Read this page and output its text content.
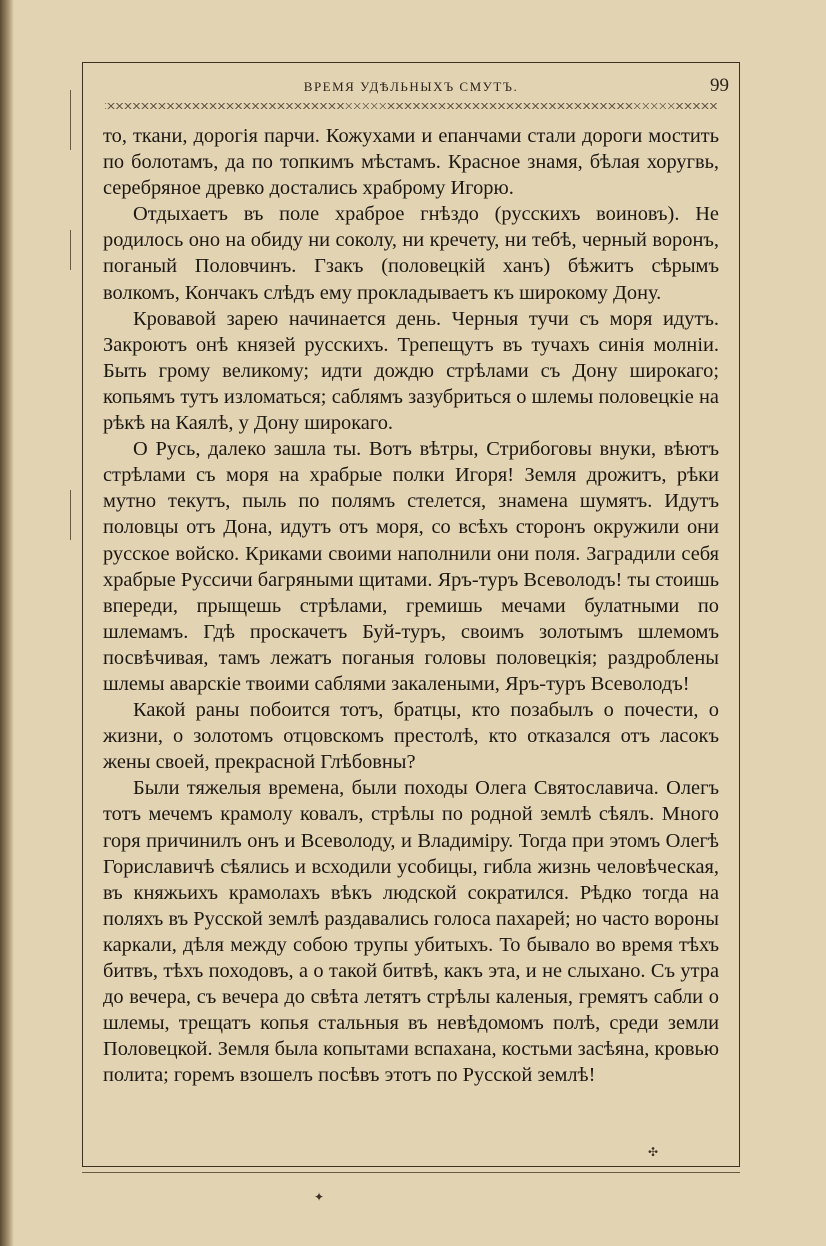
ВРЕМЯ УДѢЛЬНЫХЪ СМУТЪ.	99

то, ткани, дорогія парчи. Кожухами и епанчами стали дороги мостить по болотамъ, да по топкимъ мѣстамъ. Красное знамя, бѣлая хоругвь, серебряное древко достались храброму Игорю.

Отдыхаетъ въ поле храброе гнѣздо (русскихъ воиновъ). Не родилось оно на обиду ни соколу, ни кречету, ни тебѣ, черный воронъ, поганый Половчинъ. Гзакъ (половецкій ханъ) бѣжитъ сѣрымъ волкомъ, Кончакъ слѣдъ ему прокладываетъ къ широкому Дону.

Кровавой зарею начинается день. Черныя тучи съ моря идутъ. Закроютъ онѣ князей русскихъ. Трепещутъ въ тучахъ синія молніи. Быть грому великому; идти дождю стрѣлами съ Дону широкаго; копьямъ тутъ изломаться; саблямъ зазубриться о шлемы половецкіе на рѣкѣ на Каялѣ, у Дону широкаго.

О Русь, далеко зашла ты. Вотъ вѣтры, Стрибоговы внуки, вѣютъ стрѣлами съ моря на храбрые полки Игоря! Земля дрожитъ, рѣки мутно текутъ, пыль по полямъ стелется, знамена шумятъ. Идутъ половцы отъ Дона, идутъ отъ моря, со всѣхъ сторонъ окружили они русское войско. Криками своими наполнили они поля. Заградили себя храбрые Руссичи багряными щитами. Яръ-туръ Всеволодъ! ты стоишь впереди, прыщешь стрѣлами, гремишь мечами булатными по шлемамъ. Гдѣ проскачетъ Буй-туръ, своимъ золотымъ шлемомъ посвѣчивая, тамъ лежатъ поганыя головы половецкія; раздроблены шлемы аварскіе твоими саблями закалеными, Яръ-туръ Всеволодъ!

Какой раны побоится тотъ, братцы, кто позабылъ о почести, о жизни, о золотомъ отцовскомъ престолѣ, кто отказался отъ ласокъ жены своей, прекрасной Глѣбовны?

Были тяжелыя времена, были походы Олега Святославича. Олегъ тотъ мечемъ крамолу ковалъ, стрѣлы по родной землѣ сѣялъ. Много горя причинилъ онъ и Всеволоду, и Владиміру. Тогда при этомъ Олегѣ Гориславичѣ сѣялись и всходили усобицы, гибла жизнь человѣческая, въ княжьихъ крамолахъ вѣкъ людской сократился. Рѣдко тогда на поляхъ въ Русской землѣ раздавались голоса пахарей; но часто вороны каркали, дѣля между собою трупы убитыхъ. То бывало во время тѣхъ битвъ, тѣхъ походовъ, а о такой битвѣ, какъ эта, и не слыхано. Съ утра до вечера, съ вечера до свѣта летятъ стрѣлы каленыя, гремятъ сабли о шлемы, трещатъ копья стальныя въ невѣдомомъ полѣ, среди земли Половецкой. Земля была копытами вспахана, костьми засѣяна, кровью полита; горемъ взошелъ посѣвъ этотъ по Русской землѣ!

✣
✦
